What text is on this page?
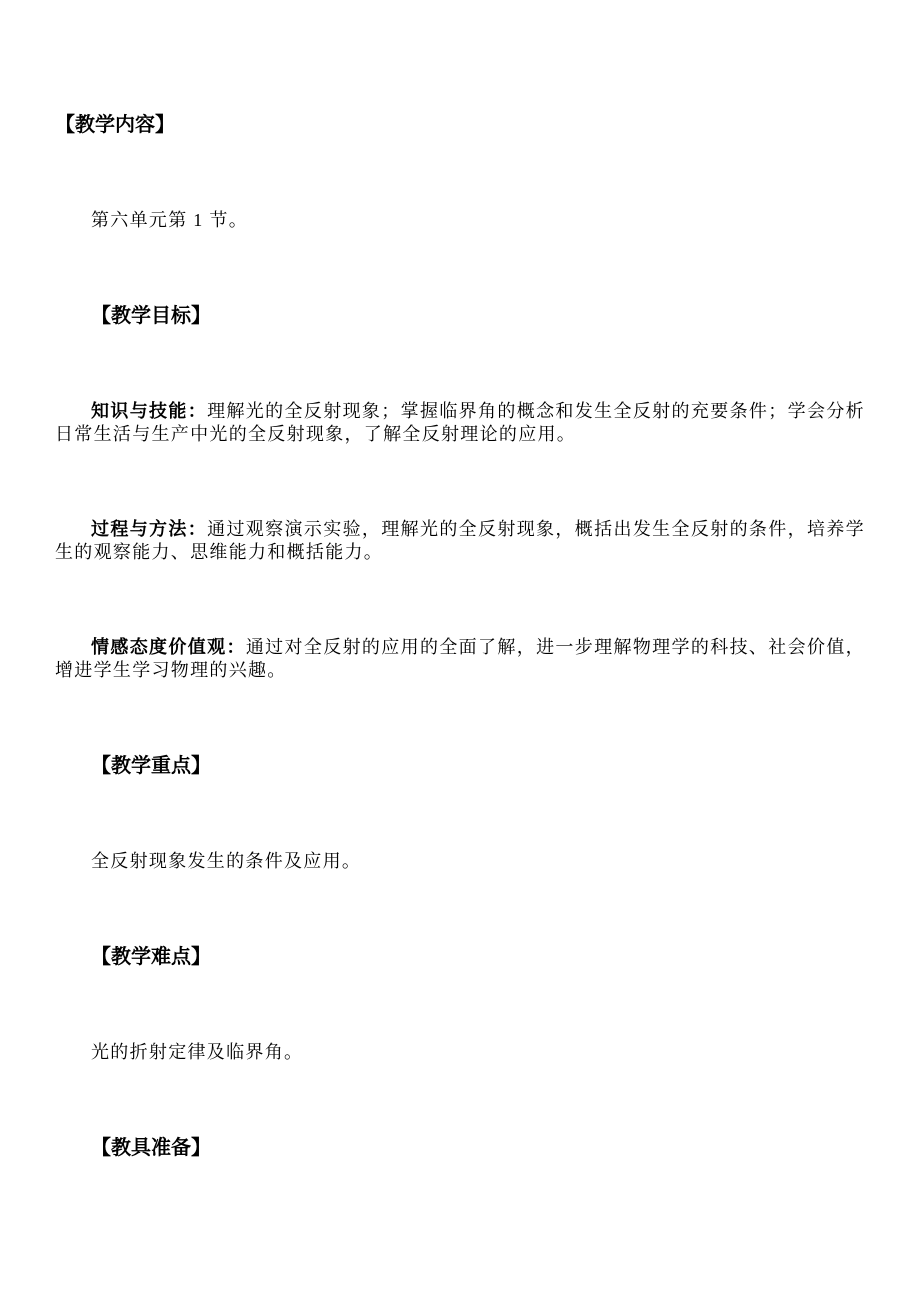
【教学内容】

第六单元第 1 节。

【教学目标】

知识与技能：理解光的全反射现象；掌握临界角的概念和发生全反射的充要条件；学会分析日常生活与生产中光的全反射现象，了解全反射理论的应用。

过程与方法：通过观察演示实验，理解光的全反射现象，概括出发生全反射的条件，培养学生的观察能力、思维能力和概括能力。

情感态度价值观：通过对全反射的应用的全面了解，进一步理解物理学的科技、社会价值，增进学生学习物理的兴趣。

【教学重点】

全反射现象发生的条件及应用。

【教学难点】

光的折射定律及临界角。

【教具准备】
